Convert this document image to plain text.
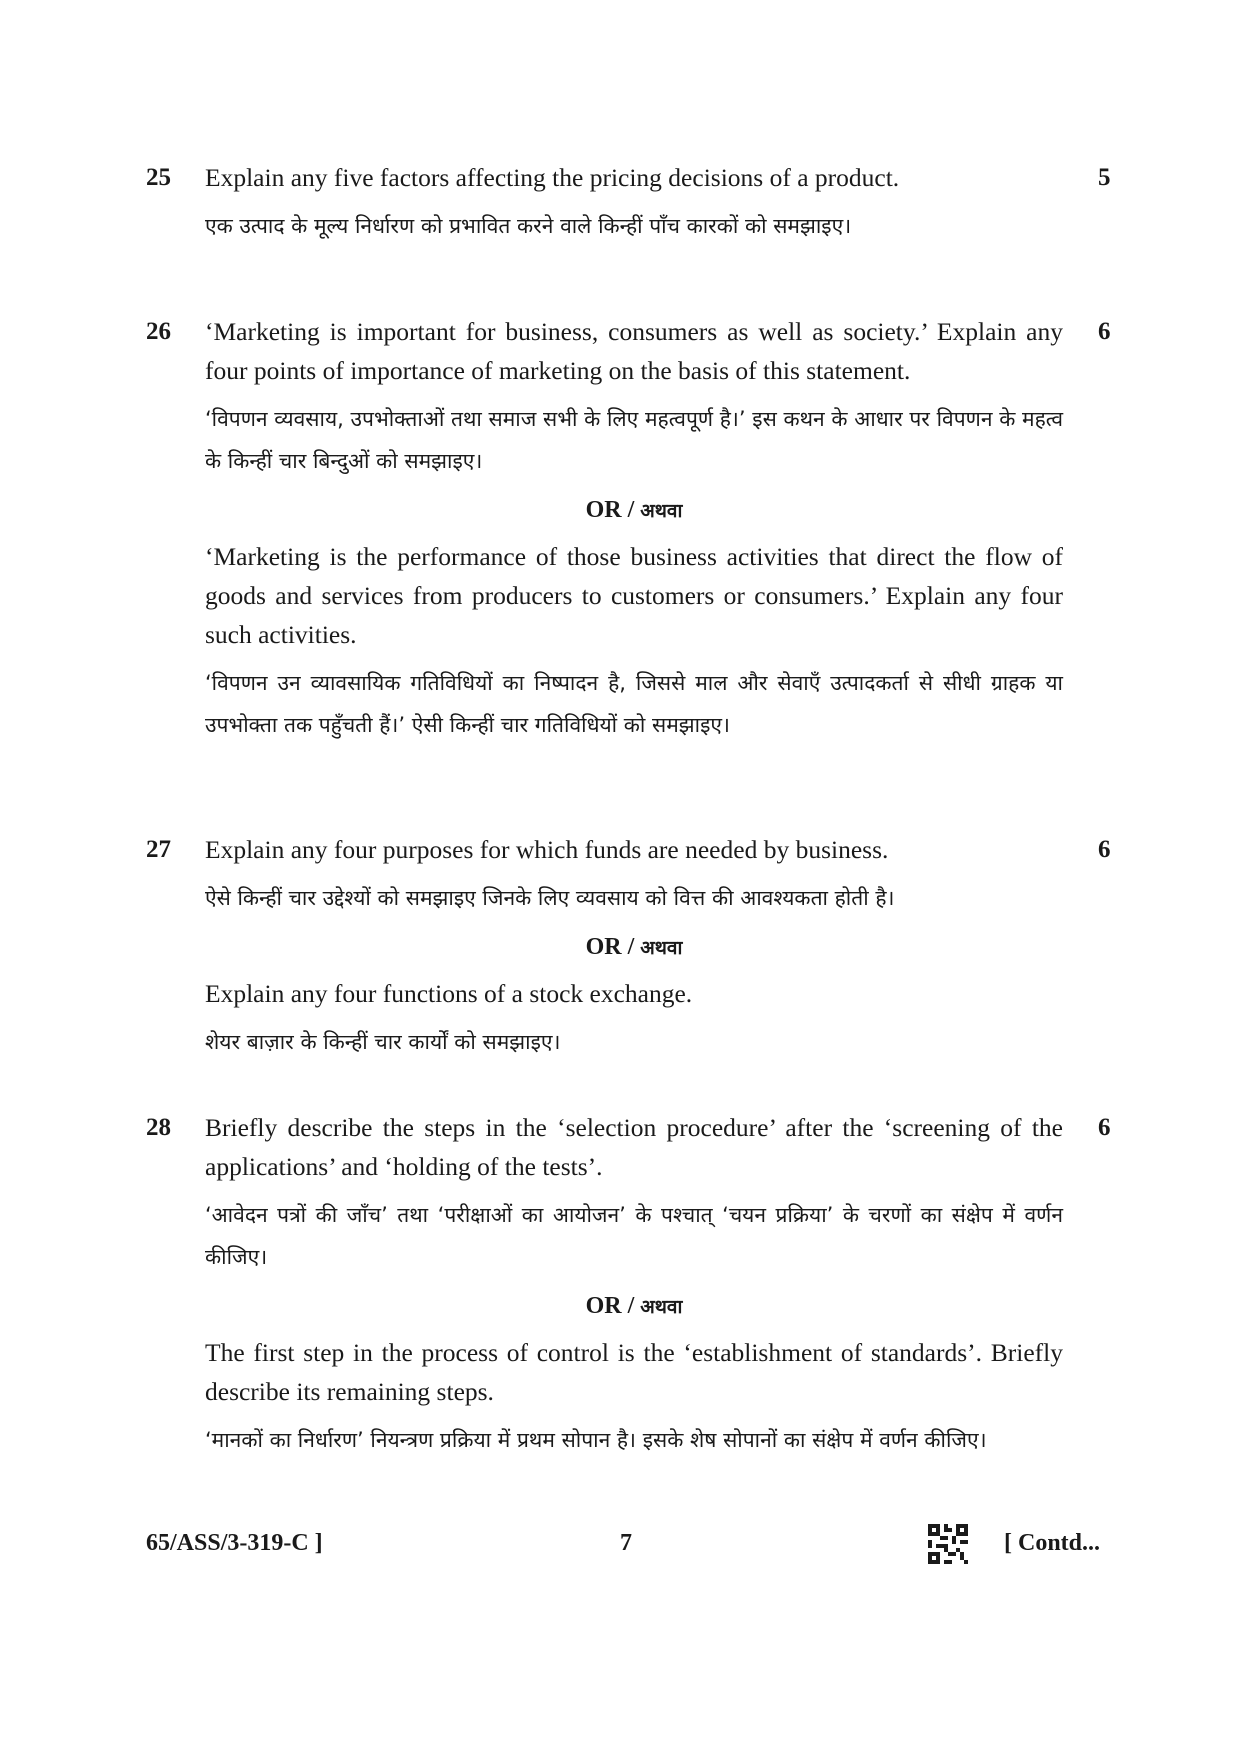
25	5

Explain any five factors affecting the pricing decisions of a product.

एक उत्पाद के मूल्य निर्धारण को प्रभावित करने वाले किन्हीं पाँच कारकों को समझाइए।

26	6

‘Marketing is important for business, consumers as well as society.’ Explain any four points of importance of marketing on the basis of this statement.

‘विपणन व्यवसाय, उपभोक्ताओं तथा समाज सभी के लिए महत्वपूर्ण है।’ इस कथन के आधार पर विपणन के महत्व के किन्हीं चार बिन्दुओं को समझाइए।

OR / अथवा

‘Marketing is the performance of those business activities that direct the flow of goods and services from producers to customers or consumers.’ Explain any four such activities.

‘विपणन उन व्यावसायिक गतिविधियों का निष्पादन है, जिससे माल और सेवाएँ उत्पादकर्ता से सीधी ग्राहक या उपभोक्ता तक पहुँचती हैं।’ ऐसी किन्हीं चार गतिविधियों को समझाइए।

27	6

Explain any four purposes for which funds are needed by business.

ऐसे किन्हीं चार उद्देश्यों को समझाइए जिनके लिए व्यवसाय को वित्त की आवश्यकता होती है।

OR / अथवा

Explain any four functions of a stock exchange.

शेयर बाज़ार के किन्हीं चार कार्यों को समझाइए।

28	6

Briefly describe the steps in the ‘selection procedure’ after the ‘screening of the applications’ and ‘holding of the tests’.

‘आवेदन पत्रों की जाँच’ तथा ‘परीक्षाओं का आयोजन’ के पश्चात् ‘चयन प्रक्रिया’ के चरणों का संक्षेप में वर्णन कीजिए।

OR / अथवा

The first step in the process of control is the ‘establishment of standards’. Briefly describe its remaining steps.

‘मानकों का निर्धारण’ नियन्त्रण प्रक्रिया में प्रथम सोपान है। इसके शेष सोपानों का संक्षेप में वर्णन कीजिए।

65/ASS/3-319-C ]	7	[ Contd...
